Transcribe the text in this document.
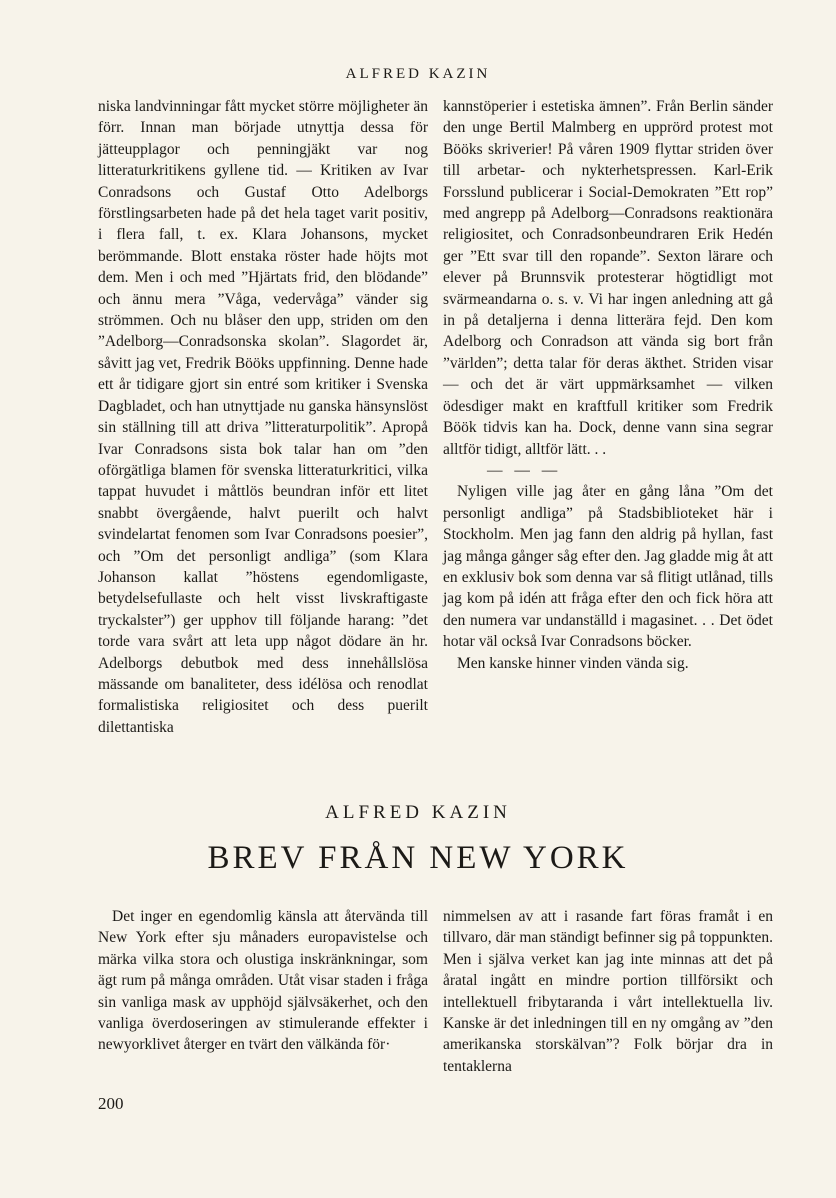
ALFRED KAZIN

niska landvinningar fått mycket större möjligheter än förr. Innan man började utnyttja dessa för jätteupplagor och penningjäkt var nog litteraturkritikens gyllene tid. — Kritiken av Ivar Conradsons och Gustaf Otto Adelborgs förstlingsarbeten hade på det hela taget varit positiv, i flera fall, t. ex. Klara Johansons, mycket berömmande. Blott enstaka röster hade höjts mot dem. Men i och med ”Hjärtats frid, den blödande” och ännu mera ”Våga, vedervåga” vänder sig strömmen. Och nu blåser den upp, striden om den ”Adelborg—Conradsonska skolan”. Slagordet är, såvitt jag vet, Fredrik Bööks uppfinning. Denne hade ett år tidigare gjort sin entré som kritiker i Svenska Dagbladet, och han utnyttjade nu ganska hänsynslöst sin ställning till att driva ”litteraturpolitik”. Apropå Ivar Conradsons sista bok talar han om ”den oförgätliga blamen för svenska litteraturkritici, vilka tappat huvudet i måttlös beundran inför ett litet snabbt övergående, halvt puerilt och halvt svindelartat fenomen som Ivar Conradsons poesier”, och ”Om det personligt andliga” (som Klara Johanson kallat ”höstens egendomligaste, betydelsefullaste och helt visst livskraftigaste tryckalster”) ger upphov till följande harang: ”det torde vara svårt att leta upp något dödare än hr. Adelborgs debutbok med dess innehållslösa mässande om banaliteter, dess idélösa och renodlat formalistiska religiositet och dess puerilt dilettantiska

kannstöperier i estetiska ämnen”. Från Berlin sänder den unge Bertil Malmberg en upprörd protest mot Bööks skriverier! På våren 1909 flyttar striden över till arbetar- och nykterhetspressen. Karl-Erik Forsslund publicerar i Social-Demokraten ”Ett rop” med angrepp på Adelborg—Conradsons reaktionära religiositet, och Conradsonbeundraren Erik Hedén ger ”Ett svar till den ropande”. Sexton lärare och elever på Brunnsvik protesterar högtidligt mot svärmeandarna o. s. v. Vi har ingen anledning att gå in på detaljerna i denna litterära fejd. Den kom Adelborg och Conradson att vända sig bort från ”världen”; detta talar för deras äkthet. Striden visar — och det är värt uppmärksamhet — vilken ödesdiger makt en kraftfull kritiker som Fredrik Böök tidvis kan ha. Dock, denne vann sina segrar alltför tidigt, alltför lätt. . .

— — —

Nyligen ville jag åter en gång låna ”Om det personligt andliga” på Stadsbiblioteket här i Stockholm. Men jag fann den aldrig på hyllan, fast jag många gånger såg efter den. Jag gladde mig åt att en exklusiv bok som denna var så flitigt utlånad, tills jag kom på idén att fråga efter den och fick höra att den numera var undanställd i magasinet. . . Det ödet hotar väl också Ivar Conradsons böcker.

Men kanske hinner vinden vända sig.

ALFRED KAZIN
BREV FRÅN NEW YORK

Det inger en egendomlig känsla att återvända till New York efter sju månaders europavistelse och märka vilka stora och olustiga inskränkningar, som ägt rum på många områden. Utåt visar staden i fråga sin vanliga mask av upphöjd självsäkerhet, och den vanliga överdoseringen av stimulerande effekter i newyorklivet återger en tvärt den välkända för·

nimmelsen av att i rasande fart föras framåt i en tillvaro, där man ständigt befinner sig på toppunkten. Men i själva verket kan jag inte minnas att det på åratal ingått en mindre portion tillförsikt och intellektuell fribytaranda i vårt intellektuella liv. Kanske är det inledningen till en ny omgång av ”den amerikanska storskälvan”? Folk börjar dra in tentaklerna

200
